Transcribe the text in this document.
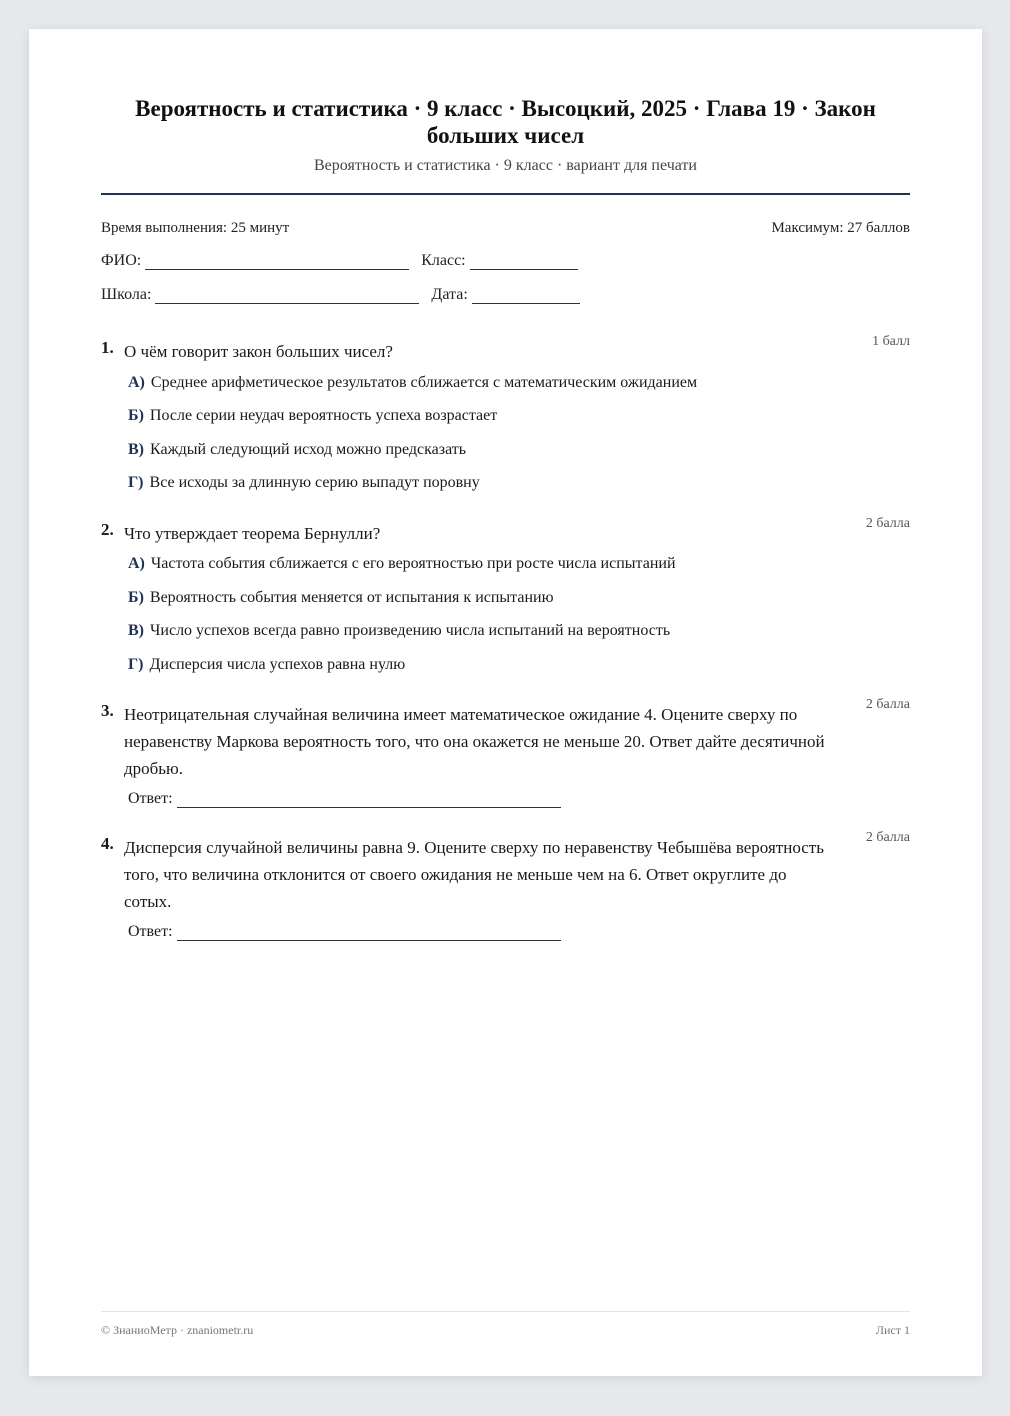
Вероятность и статистика · 9 класс · Высоцкий, 2025 · Глава 19 · Закон больших чисел
Вероятность и статистика · 9 класс · вариант для печати
Время выполнения: 25 минут	Максимум: 27 баллов
ФИО:	Класс:
Школа:	Дата:
1. О чём говорит закон больших чисел?
1 балл
А) Среднее арифметическое результатов сближается с математическим ожиданием
Б) После серии неудач вероятность успеха возрастает
В) Каждый следующий исход можно предсказать
Г) Все исходы за длинную серию выпадут поровну
2. Что утверждает теорема Бернулли?
2 балла
А) Частота события сближается с его вероятностью при росте числа испытаний
Б) Вероятность события меняется от испытания к испытанию
В) Число успехов всегда равно произведению числа испытаний на вероятность
Г) Дисперсия числа успехов равна нулю
3. Неотрицательная случайная величина имеет математическое ожидание 4. Оцените сверху по неравенству Маркова вероятность того, что она окажется не меньше 20. Ответ дайте десятичной дробью.
2 балла
Ответ:
4. Дисперсия случайной величины равна 9. Оцените сверху по неравенству Чебышёва вероятность того, что величина отклонится от своего ожидания не меньше чем на 6. Ответ округлите до сотых.
2 балла
Ответ:
© ЗнаниоМетр · znaniometr.ru	Лист 1
